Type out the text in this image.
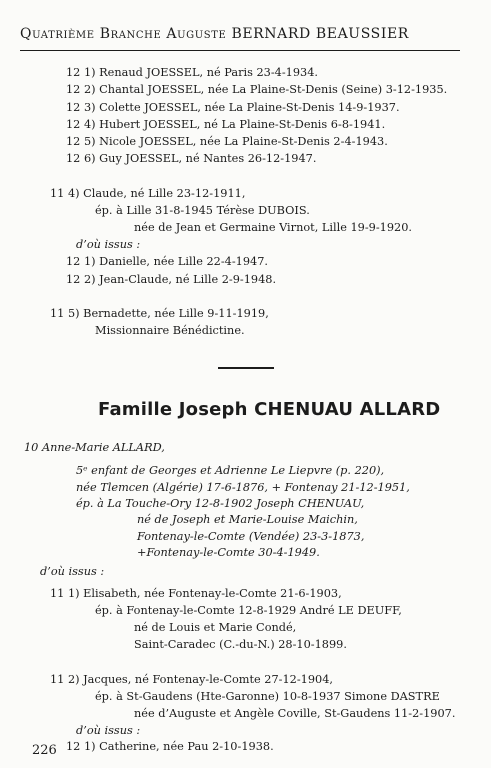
Quatrième Branche Auguste BERNARD BEAUSSIER
12 1) Renaud JOESSEL, né Paris 23-4-1934.
12 2) Chantal JOESSEL, née La Plaine-St-Denis (Seine) 3-12-1935.
12 3) Colette JOESSEL, née La Plaine-St-Denis 14-9-1937.
12 4) Hubert JOESSEL, né La Plaine-St-Denis 6-8-1941.
12 5) Nicole JOESSEL, née La Plaine-St-Denis 2-4-1943.
12 6) Guy JOESSEL, né Nantes 26-12-1947.
11 4) Claude, né Lille 23-12-1911,
ép. à Lille 31-8-1945 Térèse DUBOIS.
née de Jean et Germaine Virnot, Lille 19-9-1920.
d’où issus :
12 1) Danielle, née Lille 22-4-1947.
12 2) Jean-Claude, né Lille 2-9-1948.
11 5) Bernadette, née Lille 9-11-1919,
Missionnaire Bénédictine.
10 Anne-Marie ALLARD,
5ᵉ enfant de Georges et Adrienne Le Liepvre (p. 220),
née Tlemcen (Algérie) 17-6-1876, + Fontenay 21-12-1951,
ép. à La Touche-Ory 12-8-1902 Joseph CHENUAU,
né de Joseph et Marie-Louise Maichin,
Fontenay-le-Comte (Vendée) 23-3-1873,
+Fontenay-le-Comte 30-4-1949.
d’où issus :
11 1) Elisabeth, née Fontenay-le-Comte 21-6-1903,
ép. à Fontenay-le-Comte 12-8-1929 André LE DEUFF,
né de Louis et Marie Condé,
Saint-Caradec (C.-du-N.) 28-10-1899.
11 2) Jacques, né Fontenay-le-Comte 27-12-1904,
ép. à St-Gaudens (Hte-Garonne) 10-8-1937 Simone DASTRE
née d’Auguste et Angèle Coville, St-Gaudens 11-2-1907.
d’où issus :
12 1) Catherine, née Pau 2-10-1938.
Famille Joseph CHENUAU ALLARD
226
